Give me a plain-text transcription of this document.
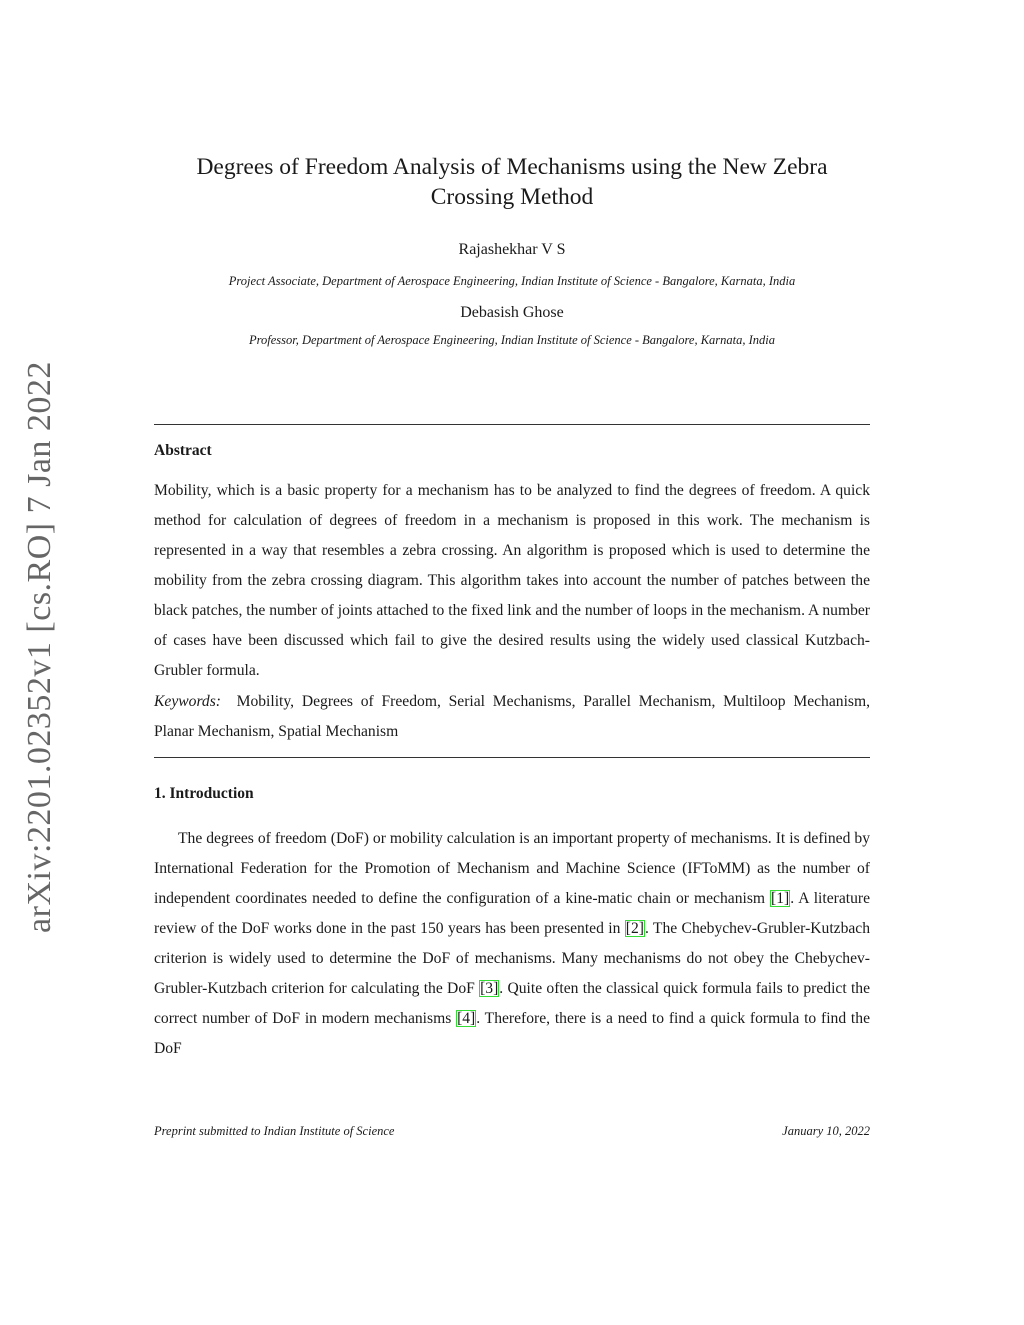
arXiv:2201.02352v1 [cs.RO] 7 Jan 2022
Degrees of Freedom Analysis of Mechanisms using the New Zebra Crossing Method
Rajashekhar V S
Project Associate, Department of Aerospace Engineering, Indian Institute of Science - Bangalore, Karnata, India
Debasish Ghose
Professor, Department of Aerospace Engineering, Indian Institute of Science - Bangalore, Karnata, India
Abstract

Mobility, which is a basic property for a mechanism has to be analyzed to find the degrees of freedom. A quick method for calculation of degrees of freedom in a mechanism is proposed in this work. The mechanism is represented in a way that resembles a zebra crossing. An algorithm is proposed which is used to determine the mobility from the zebra crossing diagram. This algorithm takes into account the number of patches between the black patches, the number of joints attached to the fixed link and the number of loops in the mechanism. A number of cases have been discussed which fail to give the desired results using the widely used classical Kutzbach-Grubler formula.

Keywords: Mobility, Degrees of Freedom, Serial Mechanisms, Parallel Mechanism, Multiloop Mechanism, Planar Mechanism, Spatial Mechanism

1. Introduction

The degrees of freedom (DoF) or mobility calculation is an important property of mechanisms. It is defined by International Federation for the Promotion of Mechanism and Machine Science (IFToMM) as the number of independent coordinates needed to define the configuration of a kine-matic chain or mechanism [1]. A literature review of the DoF works done in the past 150 years has been presented in [2]. The Chebychev-Grubler-Kutzbach criterion is widely used to determine the DoF of mechanisms. Many mechanisms do not obey the Chebychev-Grubler-Kutzbach criterion for calculating the DoF [3]. Quite often the classical quick formula fails to predict the correct number of DoF in modern mechanisms [4]. Therefore, there is a need to find a quick formula to find the DoF

Preprint submitted to Indian Institute of Science	January 10, 2022
